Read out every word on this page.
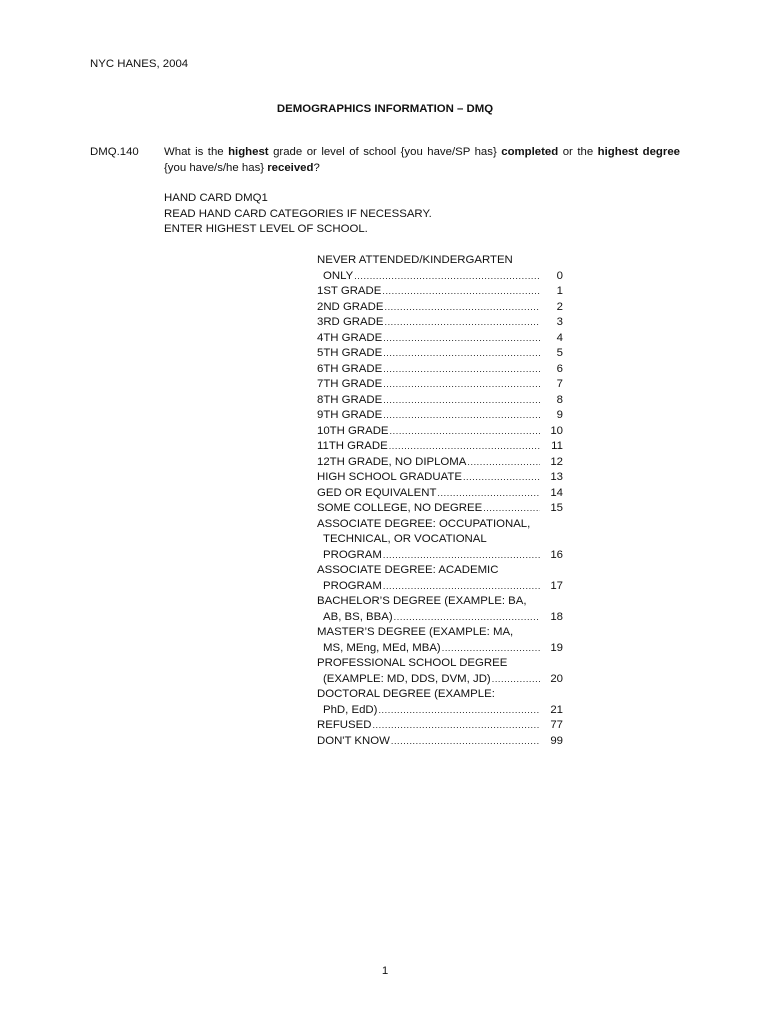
NYC HANES, 2004
DEMOGRAPHICS INFORMATION – DMQ
DMQ.140 What is the highest grade or level of school {you have/SP has} completed or the highest degree {you have/s/he has} received?
HAND CARD DMQ1
READ HAND CARD CATEGORIES IF NECESSARY.
ENTER HIGHEST LEVEL OF SCHOOL.
NEVER ATTENDED/KINDERGARTEN
ONLY .....	0
1ST GRADE .....	1
2ND GRADE .....	2
3RD GRADE .....	3
4TH GRADE .....	4
5TH GRADE .....	5
6TH GRADE .....	6
7TH GRADE .....	7
8TH GRADE .....	8
9TH GRADE .....	9
10TH GRADE .....	10
11TH GRADE .....	11
12TH GRADE, NO DIPLOMA .....	12
HIGH SCHOOL GRADUATE .....	13
GED OR EQUIVALENT .....	14
SOME COLLEGE, NO DEGREE .....	15
ASSOCIATE DEGREE: OCCUPATIONAL,
TECHNICAL, OR VOCATIONAL
PROGRAM .....	16
ASSOCIATE DEGREE: ACADEMIC
PROGRAM .....	17
BACHELOR’S DEGREE (EXAMPLE: BA,
AB, BS, BBA) .....	18
MASTER’S DEGREE (EXAMPLE: MA,
MS, MEng, MEd, MBA) .....	19
PROFESSIONAL SCHOOL DEGREE
(EXAMPLE: MD, DDS, DVM, JD) .....	20
DOCTORAL DEGREE (EXAMPLE:
PhD, EdD) .....	21
REFUSED .....	77
DON'T KNOW .....	99
1
